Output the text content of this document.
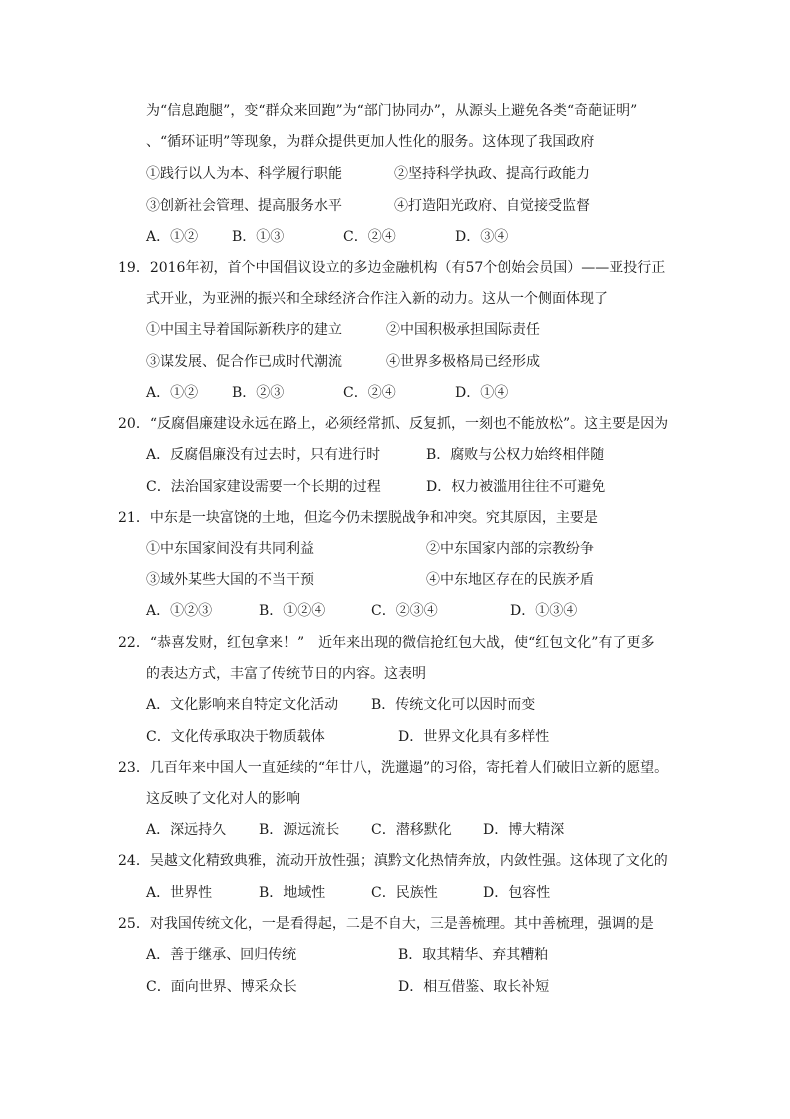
为“信息跑腿”，变“群众来回跑”为“部门协同办”，从源头上避免各类“奇葩证明”
、“循环证明”等现象，为群众提供更加人性化的服务。这体现了我国政府
①践行以人为本、科学履行职能	②坚持科学执政、提高行政能力
③创新社会管理、提高服务水平	④打造阳光政府、自觉接受监督
A．①② B．①③	C．②④	D．③④
19．2016年初，首个中国倡议设立的多边金融机构（有57个创始会员国）——亚投行正
式开业，为亚洲的振兴和全球经济合作注入新的动力。这从一个侧面体现了
①中国主导着国际新秩序的建立	②中国积极承担国际责任
③谋发展、促合作已成时代潮流	④世界多极格局已经形成
A．①② B．②③	C．②④	D．①④
20．“反腐倡廉建设永远在路上，必须经常抓、反复抓，一刻也不能放松”。这主要是因为
A．反腐倡廉没有过去时，只有进行时	B．腐败与公权力始终相伴随
C．法治国家建设需要一个长期的过程	D．权力被滥用往往不可避免
21．中东是一块富饶的土地，但迄今仍未摆脱战争和冲突。究其原因，主要是
①中东国家间没有共同利益	②中东国家内部的宗教纷争
③域外某些大国的不当干预	④中东地区存在的民族矛盾
A．①②③	B．①②④	C．②③④	D．①③④
22．“恭喜发财，红包拿来！”　近年来出现的微信抢红包大战，使“红包文化”有了更多
的表达方式，丰富了传统节日的内容。这表明
A．文化影响来自特定文化活动 B．传统文化可以因时而变
C．文化传承取决于物质载体	D．世界文化具有多样性
23．几百年来中国人一直延续的“年廿八，洗邋遢”的习俗，寄托着人们破旧立新的愿望。
这反映了文化对人的影响
A．深远持久 B．源远流长 C．潜移默化 D．博大精深
24．吴越文化精致典雅，流动开放性强；滇黔文化热情奔放，内敛性强。这体现了文化的
A．世界性	B．地域性	C．民族性	D．包容性
25．对我国传统文化，一是看得起，二是不自大，三是善梳理。其中善梳理，强调的是
A．善于继承、回归传统	B．取其精华、弃其糟粕
C．面向世界、博采众长	D．相互借鉴、取长补短
